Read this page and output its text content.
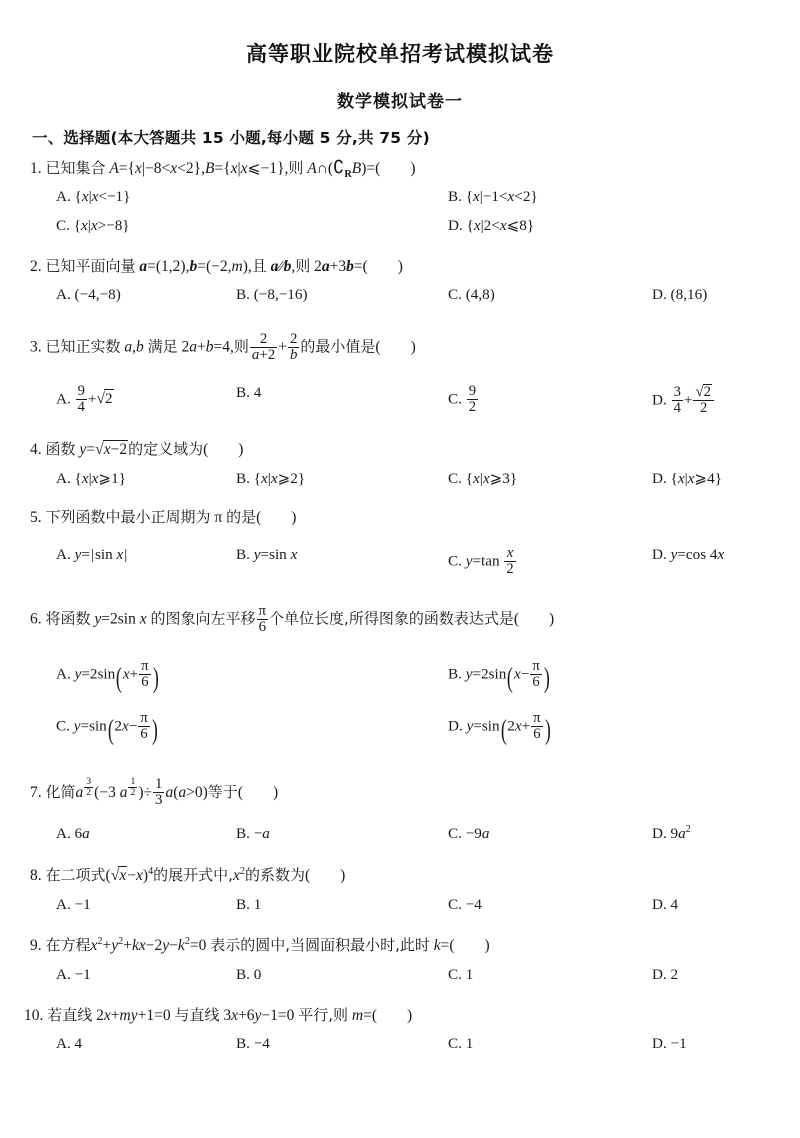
高等职业院校单招考试模拟试卷
数学模拟试卷一
一、选择题(本大答题共 15 小题,每小题 5 分,共 75 分)
1. 已知集合 A={x|−8<x<2},B={x|x⩽−1},则 $A\cap(∁_RB)=$( )
A. {x|x<−1}	B. {x|−1<x<2}
C. {x|x>−8}	D. {x|2<x⩽8}
2. 已知平面向量 a=(1,2),b=(−2,m),且 a∕∕b,则 2a+3b=( )
A. (−4,−8)	B. (−8,−16)	C. (4,8)	D. (8,16)
3. 已知正实数 a,b 满足 2a+b=4,则 $\frac{2}{a+2} + \frac{2}{b}$ 的最小值是( )
A. $\frac{9}{4} +√2$	B. 4	C. $\frac{9}{2}$	D. $\frac{3}{4} + \frac{√2}{2}$
4. 函数 y=√x−2的定义域为( )
A. {x|x⩾1}	B. {x|x⩾2}	C. {x|x⩾3}	D. {x|x⩾4}
5. 下列函数中最小正周期为 π 的是( )
A. y=|sin x|	B. y=sin x	C. $y=\tan \frac{x}{2}$	D. y=cos 4x
6. 将函数 y=2sin x 的图象向左平移 $\frac{\pi}{6}$ 个单位长度,所得图象的函数表达式是( )
A. $y=2\sin(x+ \frac{\pi}{6}$ )	B. $y=2\sin(x- \frac{\pi}{6}$ )
C. $y=\sin(2x- \frac{\pi}{6}$ )	D. $y=\sin(2x+ \frac{\pi}{6}$ )
7. 化简a $^{\frac{3}{2}}$ (−3 a $^{\frac{1}{2}}$ )÷ $\frac{1}{3} a(a>0)$等于( )
A. 6a	B. −a	C. −9a	D. $9a^2$
8. 在二项式$(√x-x)^4$的展开式中$,x^2$的系数为( )
A. −1	B. 1	C. −4	D. 4
9. 在方程$x^2+y^2+kx-2y-k^2=0$ 表示的圆中,当圆面积最小时,此时 k=( )
A. −1	B. 0	C. 1	D. 2
10. 若直线 2x+my+1=0 与直线 3x+6y−1=0 平行,则 m=( )
A. 4	B. −4	C. 1	D. −1
